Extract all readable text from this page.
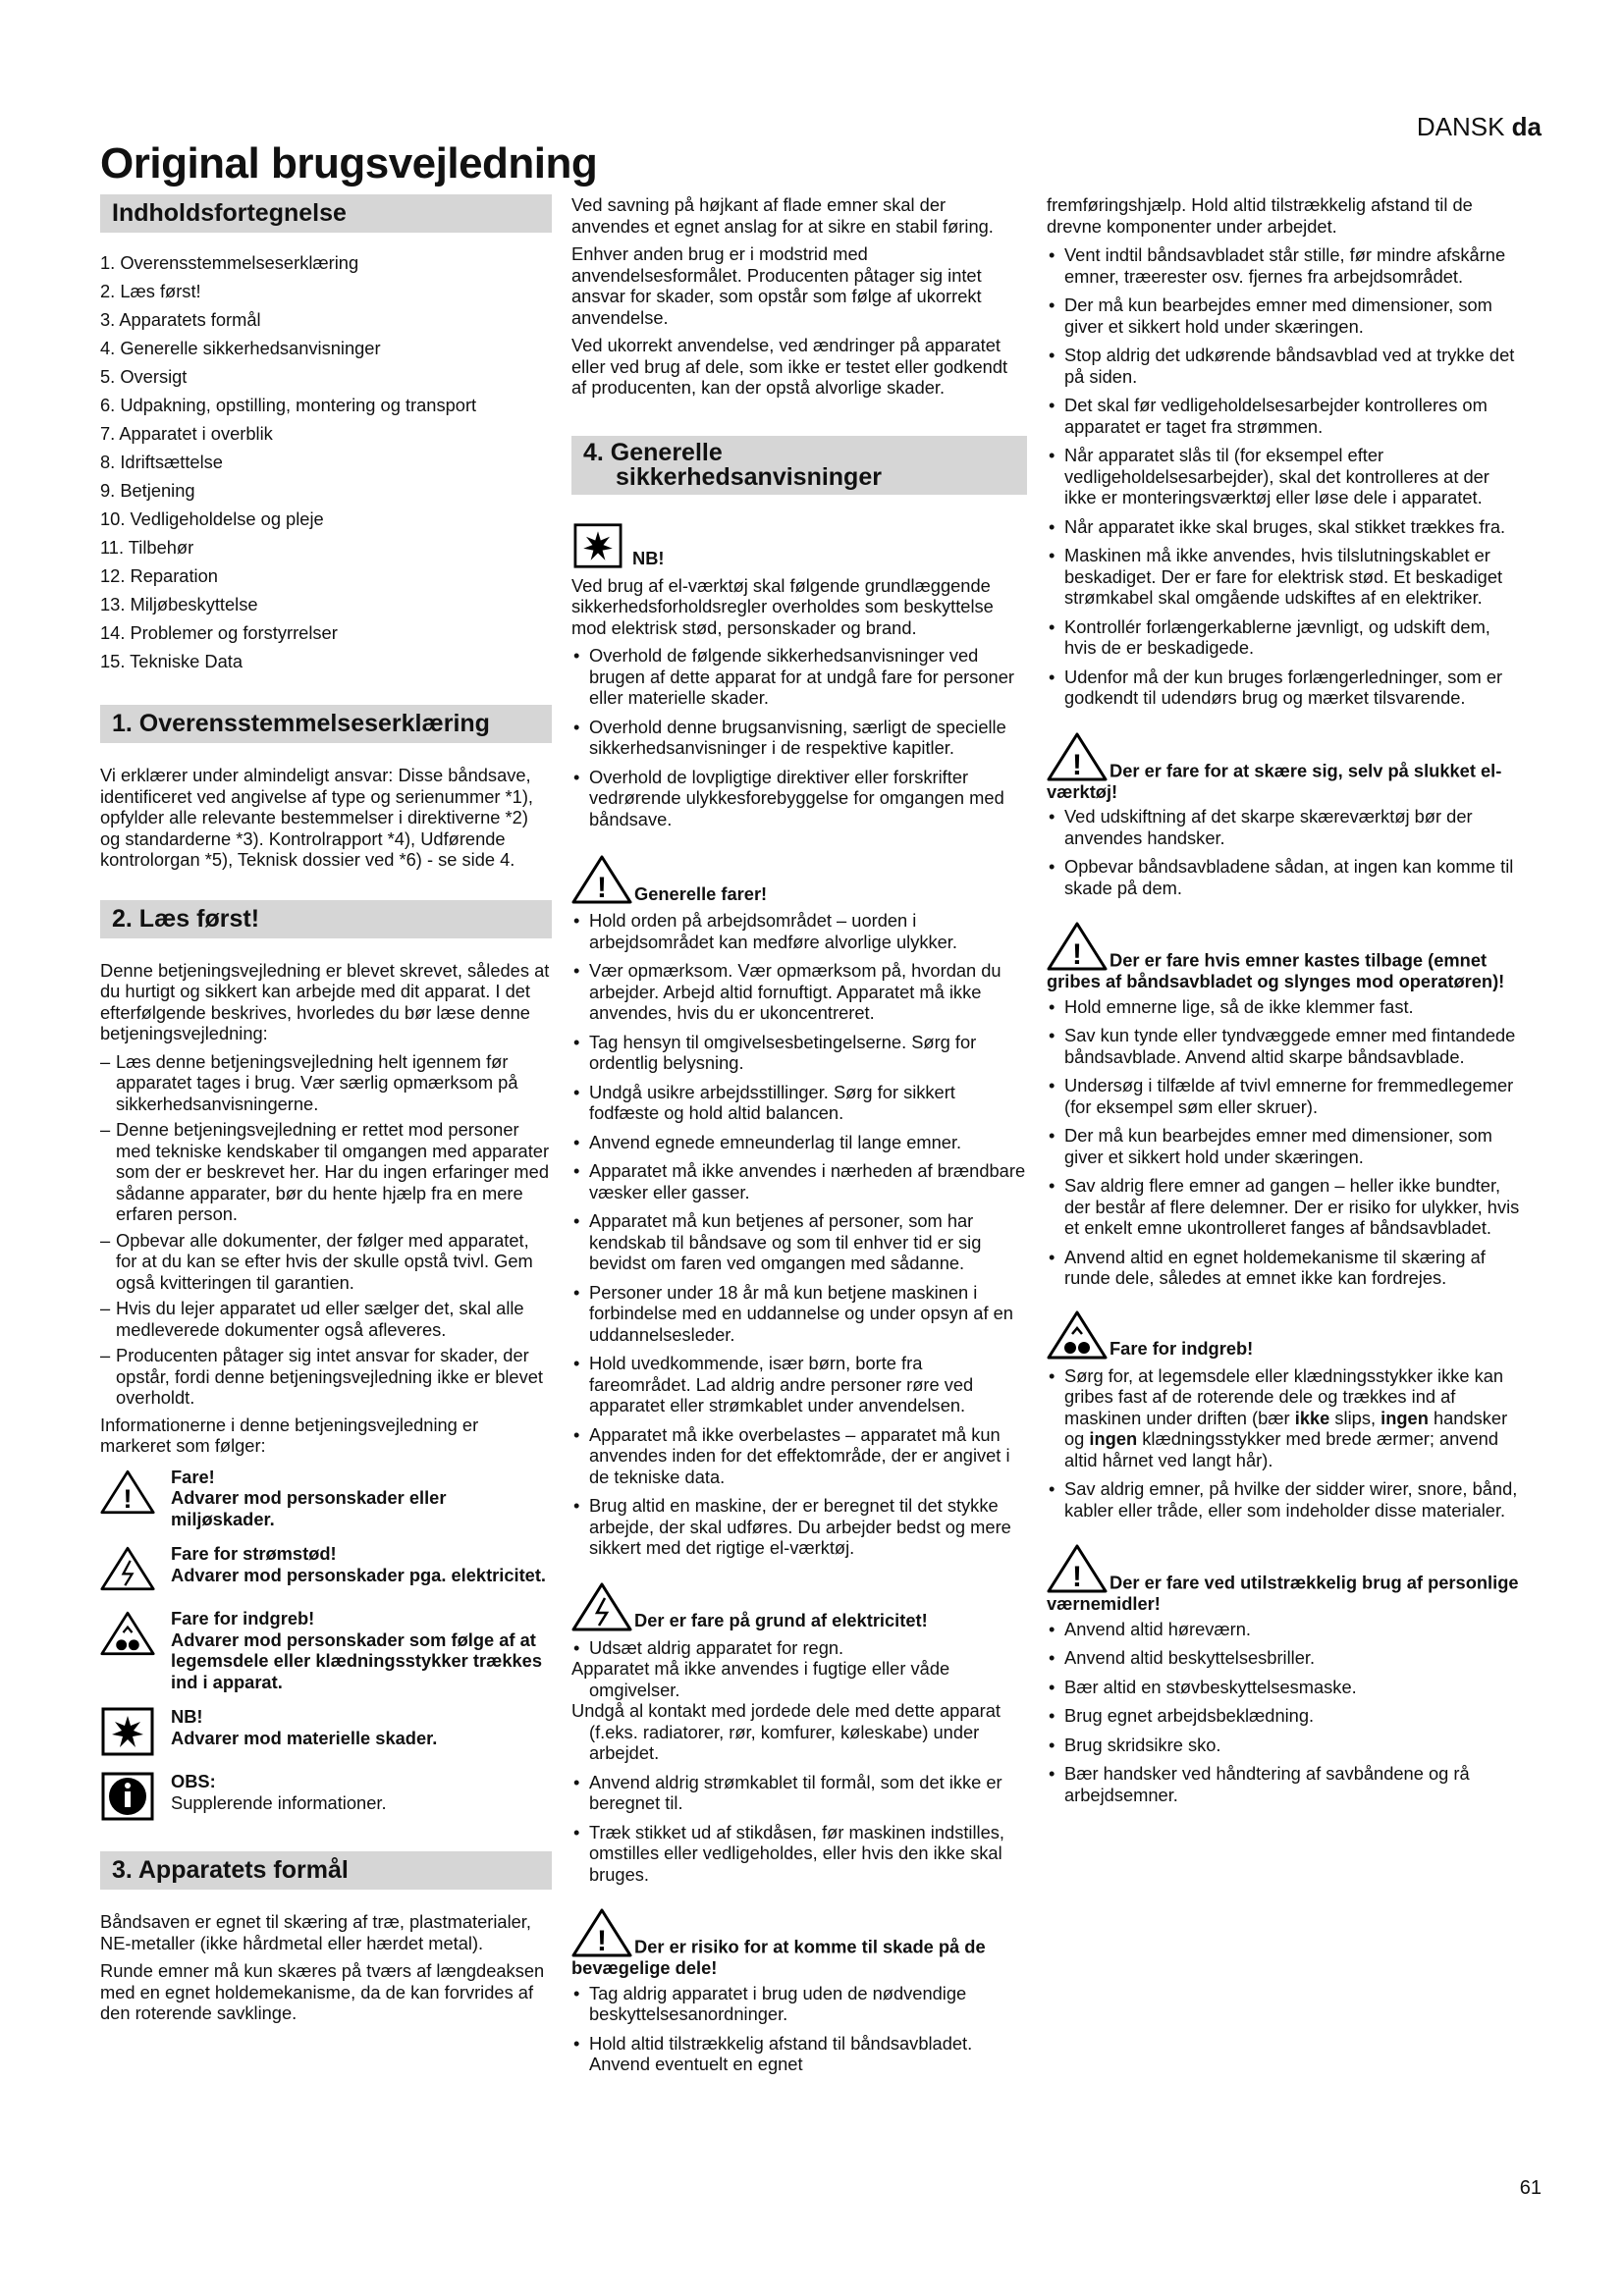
DANSK da
Original brugsvejledning
Indholdsfortegnelse
1. Overensstemmelseserklæring
2. Læs først!
3. Apparatets formål
4. Generelle sikkerhedsanvisninger
5. Oversigt
6. Udpakning, opstilling, montering og transport
7. Apparatet i overblik
8. Idriftsættelse
9. Betjening
10. Vedligeholdelse og pleje
11. Tilbehør
12. Reparation
13. Miljøbeskyttelse
14. Problemer og forstyrrelser
15. Tekniske Data
1. Overensstemmelseserklæring

Vi erklærer under almindeligt ansvar: Disse båndsave, identificeret ved angivelse af type og serienummer *1), opfylder alle relevante bestemmelser i direktiverne *2) og standarderne *3). Kontrolrapport *4), Udførende kontrolorgan *5), Teknisk dossier ved *6) - se side 4.

2. Læs først!

Denne betjeningsvejledning er blevet skrevet, således at du hurtigt og sikkert kan arbejde med dit apparat. I det efterfølgende beskrives, hvorledes du bør læse denne betjeningsvejledning:

– Læs denne betjeningsvejledning helt igennem før apparatet tages i brug. Vær særlig opmærksom på sikkerhedsanvisningerne.
– Denne betjeningsvejledning er rettet mod personer med tekniske kendskaber til omgangen med apparater som der er beskrevet her. Har du ingen erfaringer med sådanne apparater, bør du hente hjælp fra en mere erfaren person.
– Opbevar alle dokumenter, der følger med apparatet, for at du kan se efter hvis der skulle opstå tvivl. Gem også kvitteringen til garantien.
– Hvis du lejer apparatet ud eller sælger det, skal alle medleverede dokumenter også afleveres.
– Producenten påtager sig intet ansvar for skader, der opstår, fordi denne betjeningsvejledning ikke er blevet overholdt.

Informationerne i denne betjeningsvejledning er markeret som følger:

!
Fare!
Advarer mod personskader eller miljøskader.
Fare for strømstød!
Advarer mod personskader pga. elektricitet.
Fare for indgreb!
Advarer mod personskader som følge af at legemsdele eller klædningsstykker trækkes ind i apparat.
NB!
Advarer mod materielle skader.
OBS:
Supplerende informationer.
3. Apparatets formål

Båndsaven er egnet til skæring af træ, plastmaterialer, NE-metaller (ikke hårdmetal eller hærdet metal).

Runde emner må kun skæres på tværs af længdeaksen med en egnet holdemekanisme, da de kan forvrides af den roterende savklinge.

Ved savning på højkant af flade emner skal der anvendes et egnet anslag for at sikre en stabil føring.

Enhver anden brug er i modstrid med anvendelsesformålet. Producenten påtager sig intet ansvar for skader, som opstår som følge af ukorrekt anvendelse.

Ved ukorrekt anvendelse, ved ændringer på apparatet eller ved brug af dele, som ikke er testet eller godkendt af producenten, kan der opstå alvorlige skader.

4. Generelle
sikkerhedsanvisninger
NB!

Ved brug af el-værktøj skal følgende grundlæggende sikkerhedsforholdsregler overholdes som beskyttelse mod elektrisk stød, personskader og brand.

• Overhold de følgende sikkerhedsanvisninger ved brugen af dette apparat for at undgå fare for personer eller materielle skader.
• Overhold denne brugsanvisning, særligt de specielle sikkerhedsanvisninger i de respektive kapitler.
• Overhold de lovpligtige direktiver eller forskrifter vedrørende ulykkesforebyggelse for omgangen med båndsave.
! Generelle farer!
• Hold orden på arbejdsområdet – uorden i arbejdsområdet kan medføre alvorlige ulykker.
• Vær opmærksom. Vær opmærksom på, hvordan du arbejder. Arbejd altid fornuftigt. Apparatet må ikke anvendes, hvis du er ukoncentreret.
• Tag hensyn til omgivelsesbetingelserne. Sørg for ordentlig belysning.
• Undgå usikre arbejdsstillinger. Sørg for sikkert fodfæste og hold altid balancen.
• Anvend egnede emneunderlag til lange emner.
• Apparatet må ikke anvendes i nærheden af brændbare væsker eller gasser.
• Apparatet må kun betjenes af personer, som har kendskab til båndsave og som til enhver tid er sig bevidst om faren ved omgangen med sådanne.
• Personer under 18 år må kun betjene maskinen i forbindelse med en uddannelse og under opsyn af en uddannelsesleder.
• Hold uvedkommende, især børn, borte fra fareområdet. Lad aldrig andre personer røre ved apparatet eller strømkablet under anvendelsen.
• Apparatet må ikke overbelastes – apparatet må kun anvendes inden for det effektområde, der er angivet i de tekniske data.
• Brug altid en maskine, der er beregnet til det stykke arbejde, der skal udføres. Du arbejder bedst og mere sikkert med det rigtige el-værktøj.
Der er fare på grund af elektricitet!
• Udsæt aldrig apparatet for regn.
Apparatet må ikke anvendes i fugtige eller våde omgivelser.
Undgå al kontakt med jordede dele med dette apparat (f.eks. radiatorer, rør, komfurer, køleskabe) under arbejdet.
• Anvend aldrig strømkablet til formål, som det ikke er beregnet til.
• Træk stikket ud af stikdåsen, før maskinen indstilles, omstilles eller vedligeholdes, eller hvis den ikke skal bruges.
! Der er risiko for at komme til skade på de bevægelige dele!
• Tag aldrig apparatet i brug uden de nødvendige beskyttelsesanordninger.
• Hold altid tilstrækkelig afstand til båndsavbladet. Anvend eventuelt en egnet

fremføringshjælp. Hold altid tilstrækkelig afstand til de drevne komponenter under arbejdet.

• Vent indtil båndsavbladet står stille, før mindre afskårne emner, træerester osv. fjernes fra arbejdsområdet.
• Der må kun bearbejdes emner med dimensioner, som giver et sikkert hold under skæringen.
• Stop aldrig det udkørende båndsavblad ved at trykke det på siden.
• Det skal før vedligeholdelsesarbejder kontrolleres om apparatet er taget fra strømmen.
• Når apparatet slås til (for eksempel efter vedligeholdelsesarbejder), skal det kontrolleres at der ikke er monteringsværktøj eller løse dele i apparatet.
• Når apparatet ikke skal bruges, skal stikket trækkes fra.
• Maskinen må ikke anvendes, hvis tilslutningskablet er beskadiget. Der er fare for elektrisk stød. Et beskadiget strømkabel skal omgående udskiftes af en elektriker.
• Kontrollér forlængerkablerne jævnligt, og udskift dem, hvis de er beskadigede.
• Udenfor må der kun bruges forlængerledninger, som er godkendt til udendørs brug og mærket tilsvarende.
! Der er fare for at skære sig, selv på slukket el-værktøj!
• Ved udskiftning af det skarpe skæreværktøj bør der anvendes handsker.
• Opbevar båndsavbladene sådan, at ingen kan komme til skade på dem.
! Der er fare hvis emner kastes tilbage (emnet gribes af båndsavbladet og slynges mod operatøren)!
• Hold emnerne lige, så de ikke klemmer fast.
• Sav kun tynde eller tyndvæggede emner med fintandede båndsavblade. Anvend altid skarpe båndsavblade.
• Undersøg i tilfælde af tvivl emnerne for fremmedlegemer (for eksempel søm eller skruer).
• Der må kun bearbejdes emner med dimensioner, som giver et sikkert hold under skæringen.
• Sav aldrig flere emner ad gangen – heller ikke bundter, der består af flere delemner. Der er risiko for ulykker, hvis et enkelt emne ukontrolleret fanges af båndsavbladet.
• Anvend altid en egnet holdemekanisme til skæring af runde dele, således at emnet ikke kan fordrejes.
Fare for indgreb!
• Sørg for, at legemsdele eller klædningsstykker ikke kan gribes fast af de roterende dele og trækkes ind af maskinen under driften (bær ikke slips, ingen handsker og ingen klædningsstykker med brede ærmer; anvend altid hårnet ved langt hår).
• Sav aldrig emner, på hvilke der sidder wirer, snore, bånd, kabler eller tråde, eller som indeholder disse materialer.
! Der er fare ved utilstrækkelig brug af personlige værnemidler!
• Anvend altid høreværn.
• Anvend altid beskyttelsesbriller.
• Bær altid en støvbeskyttelsesmaske.
• Brug egnet arbejdsbeklædning.
• Brug skridsikre sko.
• Bær handsker ved håndtering af savbåndene og rå arbejdsemner.
61
